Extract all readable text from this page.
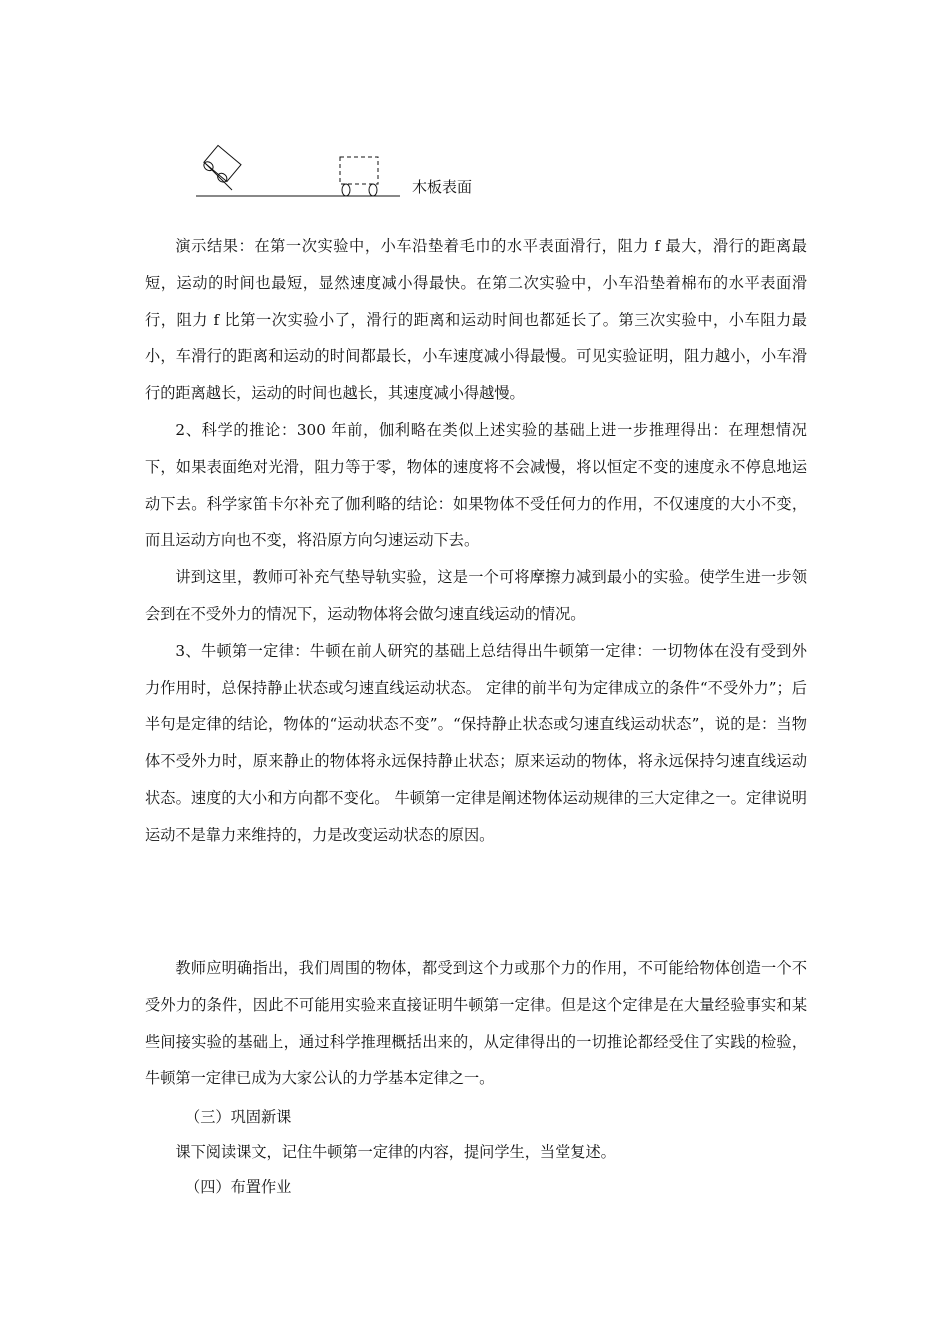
木板表面

演示结果：在第一次实验中，小车沿垫着毛巾的水平表面滑行，阻力 f 最大，滑行的距离最短，运动的时间也最短，显然速度减小得最快。在第二次实验中，小车沿垫着棉布的水平表面滑行，阻力 f 比第一次实验小了，滑行的距离和运动时间也都延长了。第三次实验中，小车阻力最小，车滑行的距离和运动的时间都最长，小车速度减小得最慢。可见实验证明，阻力越小，小车滑行的距离越长，运动的时间也越长，其速度减小得越慢。

2、科学的推论：300 年前，伽利略在类似上述实验的基础上进一步推理得出：在理想情况下，如果表面绝对光滑，阻力等于零，物体的速度将不会减慢，将以恒定不变的速度永不停息地运动下去。科学家笛卡尔补充了伽利略的结论：如果物体不受任何力的作用，不仅速度的大小不变，而且运动方向也不变，将沿原方向匀速运动下去。

讲到这里，教师可补充气垫导轨实验，这是一个可将摩擦力减到最小的实验。使学生进一步领会到在不受外力的情况下，运动物体将会做匀速直线运动的情况。

3、牛顿第一定律：牛顿在前人研究的基础上总结得出牛顿第一定律：一切物体在没有受到外力作用时，总保持静止状态或匀速直线运动状态。 定律的前半句为定律成立的条件“不受外力”；后半句是定律的结论，物体的“运动状态不变”。“保持静止状态或匀速直线运动状态”，说的是：当物体不受外力时，原来静止的物体将永远保持静止状态；原来运动的物体，将永远保持匀速直线运动状态。速度的大小和方向都不变化。 牛顿第一定律是阐述物体运动规律的三大定律之一。定律说明运动不是靠力来维持的，力是改变运动状态的原因。

教师应明确指出，我们周围的物体，都受到这个力或那个力的作用，不可能给物体创造一个不受外力的条件，因此不可能用实验来直接证明牛顿第一定律。但是这个定律是在大量经验事实和某些间接实验的基础上，通过科学推理概括出来的，从定律得出的一切推论都经受住了实践的检验，牛顿第一定律已成为大家公认的力学基本定律之一。

（三）巩固新课

课下阅读课文，记住牛顿第一定律的内容，提问学生，当堂复述。

（四）布置作业
